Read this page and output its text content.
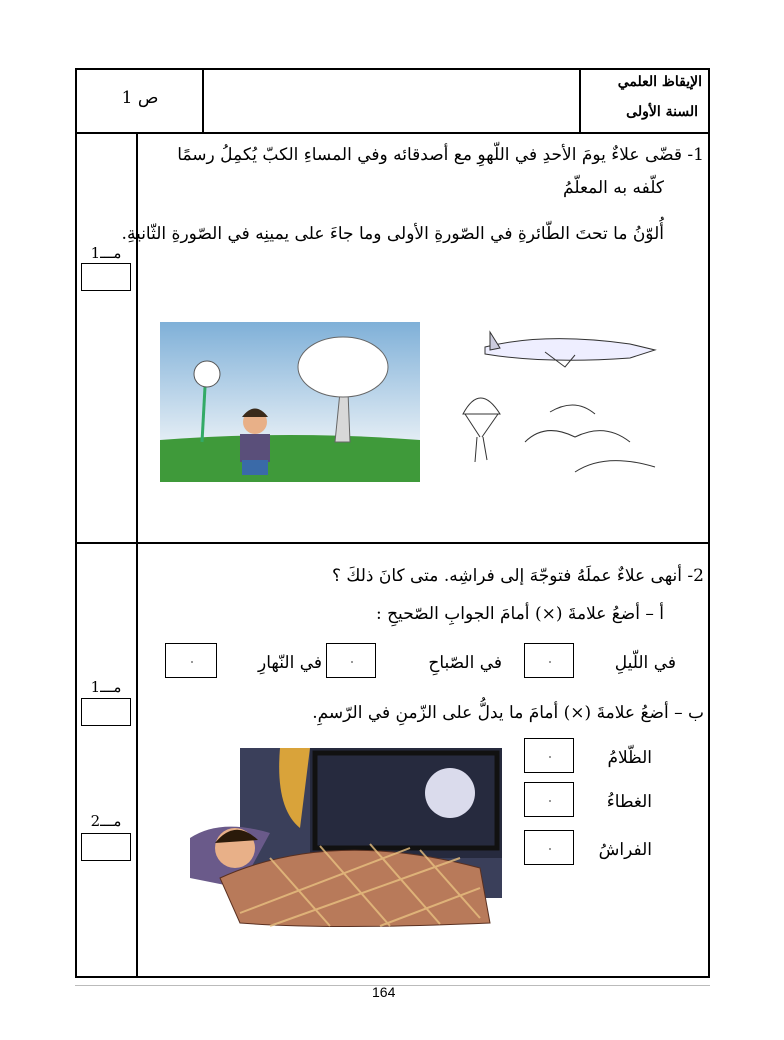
الإيقاظ العلمي
السنة الأولى
ص 1
1- قضّى علاءٌ يومَ الأحدِ في اللّهوِ مع أصدقائه وفي المساءِ الكبّ يُكمِلُ رسمًا
كلّفه به المعلّمُ
أُلوّنُ ما تحتَ الطّائرةِ في الصّورةِ الأولى وما جاءَ على يمينِه في الصّورةِ الثّانيةِ.
مـــ1
2- أنهى علاءٌ عملَهُ فتوجّهَ إلى فراشِه. متى كانَ ذلكَ ؟
أ – أضعُ علامةَ (×) أمامَ الجوابِ الصّحيحِ :
في اللّيلِ
في الصّباحِ
في النّهارِ
ب – أضعُ علامةَ (×) أمامَ ما يدلُّ على الزّمنِ في الرّسمِ.
الظّلامُ
الغطاءُ
الفراشُ
مـــ1
مـــ2
164
